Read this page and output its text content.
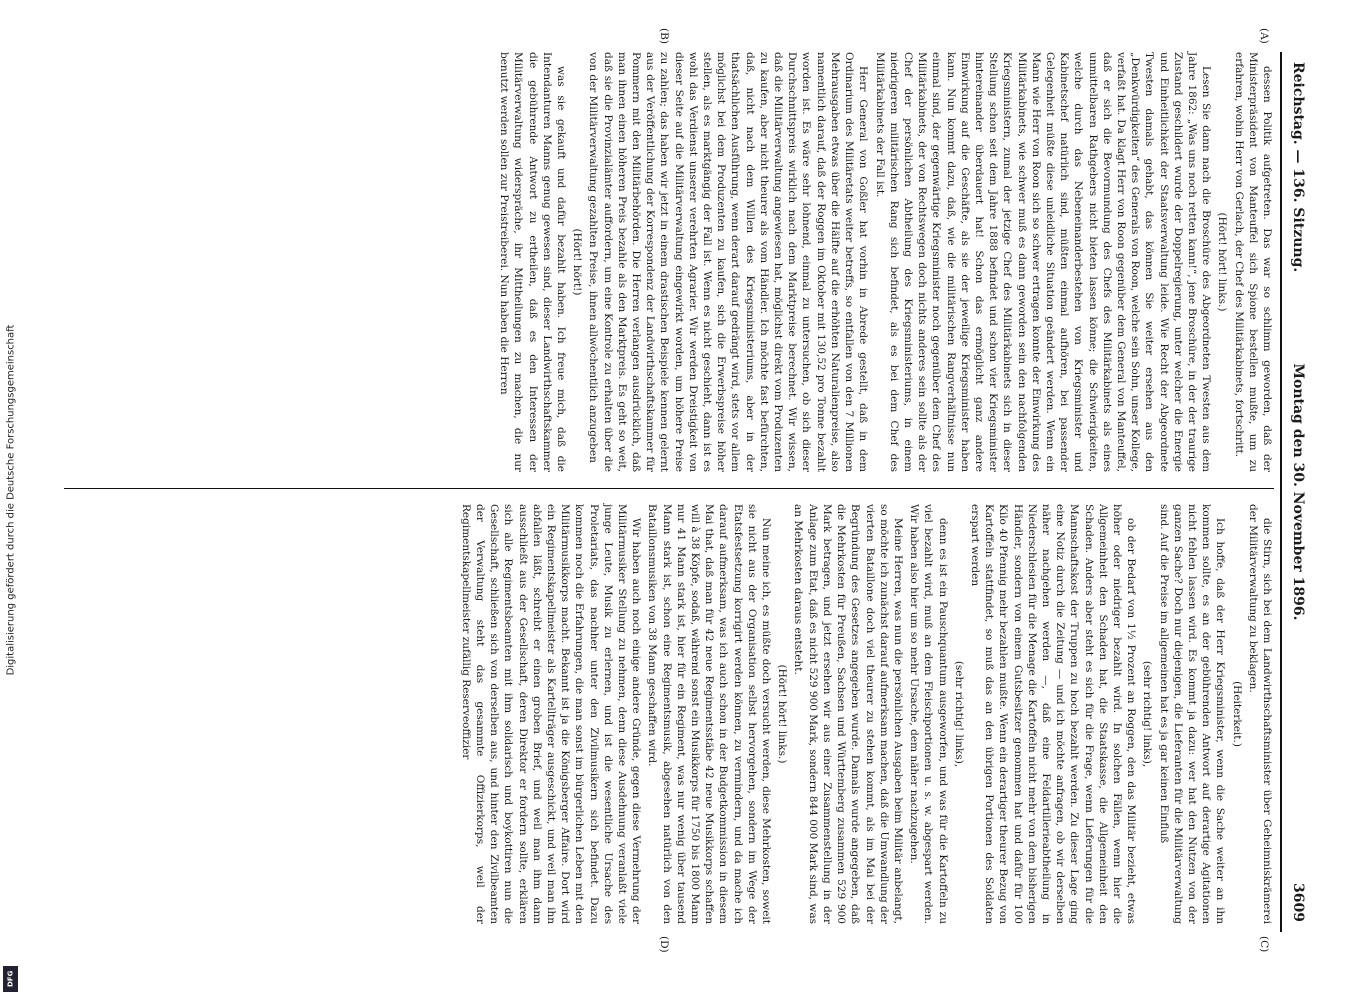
Digitalisierung gefördert durch die Deutsche Forschungsgemeinschaft
DFG
Reichstag. — 136. Sitzung.
Montag den 30. November 1896.
3609

dessen Politik aufgetreten. Das war so schlimm geworden, daß der Ministerpräsident von Manteuffel sich Spione bestellen mußte, um zu erfahren, wohin Herr von Gerlach, der Chef des Militärkabinets, fortschritt.

(Hört! hört! links.)

Lesen Sie dann nach die Broschüre des Abgeordneten Twesten aus dem Jahre 1862: „Was uns noch retten kann!“, jene Broschüre, in der der traurige Zustand geschildert wurde der Doppelregierung, unter welcher die Energie und Einheitlichkeit der Staatsverwaltung leide. Wie Recht der Abgeordnete Twesten damals gehabt, das können Sie weiter ersehen aus den „Denkwürdigkeiten“ des Generals von Roon, welche sein Sohn, unser Kollege, verfaßt hat. Da klagt Herr von Roon gegenüber dem General von Manteuffel, daß er sich die Bevormundung des Chefs des Militärkabinets als eines unmittelbaren Rathgebers nicht bieten lassen könne; die Schwierigkeiten, welche durch das Nebeneinanderbestehen von Kriegsminister und Kabinetschef natürlich sind, müßten einmal aufhören, bei passender Gelegenheit müßte diese unleidliche Situation geändert werden. Wenn ein Mann wie Herr von Roon sich so schwer ertragen konnte der Einwirkung des Militärkabinets, wie schwer muß es dann geworden sein den nachfolgenden Kriegsministern, zumal der jetzige Chef des Militärkabinets sich in dieser Stellung schon seit dem Jahre 1888 befindet und schon vier Kriegsminister hintereinander überdauert hat! Schon das ermöglicht ganz andere Einwirkung auf die Geschäfte, als sie der jeweilige Kriegsminister haben kann. Nun kommt dazu, daß, wie die militärischen Rangverhältnisse nun einmal sind, der gegenwärtige Kriegsminister noch gegenüber dem Chef des Militärkabinets, der von Rechtswegen doch nichts anderes sein sollte als der Chef der persönlichen Abtheilung des Kriegsministeriums, in einem niedrigeren militärischen Rang sich befindet, als es bei dem Chef des Militärkabinets der Fall ist.

Herr General von Goßler hat vorhin in Abrede gestellt, daß in dem Ordinarium des Militäretats weiter betreffs, so entfallen von den 7 Millionen Mehrausgaben etwas über die Hälfte auf die erhöhten Naturalienpreise, also namentlich darauf, daß der Roggen im Oktober mit 130,52 pro Tonne bezahlt worden ist. Es wäre sehr lohnend, einmal zu untersuchen, ob sich dieser Durchschnittspreis wirklich nach dem Marktpreise berechnet. Wir wissen, daß die Militärverwaltung angewiesen hat, möglichst direkt vom Produzenten zu kaufen, aber nicht theurer als vom Händler. Ich möchte fast befürchten, daß, nicht nach dem Willen des Kriegsministeriums, aber in der thatsächlichen Ausführung, wenn derart darauf gedrängt wird, stets vor allem möglichst bei dem Produzenten zu kaufen, sich die Erwerbspreise höher stellen, als es marktgängig der Fall ist. Wenn es nicht geschieht, dann ist es wohl das Verdienst unserer verehrten Agrarier. Wir werden Dreistigkeit von dieser Seite auf die Militärverwaltung eingewirkt worden, um höhere Preise zu zahlen; das haben wir jetzt in einem drastischen Beispiele kennen gelernt aus der Veröffentlichung der Korrespondenz der Landwirthschaftskammer für Pommern mit den Militärbehörden. Die Herren verlangen ausdrücklich, daß man ihnen einen höheren Preis bezahle als den Marktpreis. Es geht so weit, daß sie die Provinzialämter auffordern, um eine Kontrole zu erhalten über die von der Militärverwaltung gezahlten Preise, ihnen allwöchentlich anzugeben

(Hört! hört!)

was sie gekauft und dafür bezahlt haben. Ich freue mich, daß die Intendanturen Manns genug gewesen sind, dieser Landwirthschaftskammer die gebührende Antwort zu ertheilen, daß es den Interessen der Militärverwaltung widerspräche, ihr Mittheilungen zu machen, die nur benutzt werden sollen zur Preistreiberei. Nun haben die Herren

die Stirn, sich bei dem Landwirthschaftsminister über Geheimniskrämerei der Militärverwaltung zu beklagen.

(Heiterkeit.)

Ich hoffe, daß der Herr Kriegsminister, wenn die Sache weiter an ihn kommen sollte, es an der gebührenden Antwort auf derartige Agitationen nicht fehlen lassen wird. Es kommt ja dazu: wer hat den Nutzen von der ganzen Sache? Doch nur diejenigen, die Lieferanten für die Militärverwaltung sind. Auf die Preise im allgemeinen hat es ja gar keinen Einfluß

(sehr richtig! links),

ob der Bedarf von 1½ Prozent an Roggen, den das Militär bezieht, etwas höher oder niedriger bezahlt wird. In solchen Fällen, wenn hier die Allgemeinheit den Schaden hat, die Staatskasse, die Allgemeinheit den Schaden. Anders aber steht es sich für die Frage, wenn Lieferungen für die Mannschaftskost der Truppen zu hoch bezahlt werden. Zu dieser Lage ging eine Notiz durch die Zeitung — und ich möchte anfragen, ob wir derselben näher nachgehen werden —, daß eine Feldartillerieabtheilung in Niederschlesien für die Menage die Kartoffeln nicht mehr von dem bisherigen Händler, sondern von einem Gutsbesitzer genommen hat und dafür für 100 Kilo 40 Pfennig mehr bezahlen mußte. Wenn ein derartiger theurer Bezug von Kartoffeln stattfindet, so muß das an den übrigen Portionen des Soldaten erspart werden

(sehr richtig! links),

denn es ist ein Pauschquantum ausgeworfen, und was für die Kartoffeln zu viel bezahlt wird, muß an dem Fleischportionen u. s. w. abgespart werden. Wir haben also hier um so mehr Ursache, dem näher nachzugehen.

Meine Herren, was nun die persönlichen Ausgaben beim Militär anbelangt, so möchte ich zunächst darauf aufmerksam machen, daß die Umwandlung der vierten Bataillone doch viel theurer zu stehen kommt, als im Mai bei der Begründung des Gesetzes angegeben wurde. Damals wurde angegeben, daß die Mehrkosten für Preußen, Sachsen und Württemberg zusammen 529 900 Mark betragen, und jetzt ersehen wir aus einer Zusammenstellung in der Anlage zum Etat, daß es nicht 529 900 Mark, sondern 844 000 Mark sind, was an Mehrkosten daraus entsteht.

(Hört! hört! links.)

Nun meine ich, es müßte doch versucht werden, diese Mehrkosten, soweit sie nicht aus der Organisation selbst hervorgehen, sondern im Wege der Etatsfestsetzung korrigirt werden können, zu vermindern, und da mache ich darauf aufmerksam, was ich auch schon in der Budgetkommission in diesem Mai that, daß man für 42 neue Regimentsstäbe 42 neue Musikkorps schaffen will à 38 Köpfe, sodaß, während sonst ein Musikkorps für 1750 bis 1800 Mann nur 41 Mann stark ist, hier für ein Regiment, was nur wenig über tausend Mann stark ist, schon eine Regimentsmusik, abgesehen natürlich von den Bataillonsmusiken von 38 Mann geschaffen wird.

Wir haben auch noch einige andere Gründe, gegen diese Vermehrung der Militärmusiker Stellung zu nehmen, denn diese Ausdehnung veranlaßt viele junge Leute, Musik zu erlernen, und ist die wesentliche Ursache des Proletariats, das nachher unter den Zivilmusikern sich befindet. Dazu kommen noch die Erfahrungen, die man sonst im bürgerlichen Leben mit den Militärmusikkorps macht. Bekannt ist ja die Königsberger Affaire. Dort wird ein Regimentskapellmeister als Kartellträger ausgeschickt, und weil man ihn abfallen läßt, schreibt er einen groben Brief, und weil man ihm dann ausschließt aus der Gesellschaft, deren Direktor er fordern sollte, erklären sich alle Regimentsbeamten mit ihm solidarisch und boykottiren nun die Gesellschaft, schließen sich von derselben aus, und hinter den Zivilbeamten der Verwaltung steht das gesammte Offizierkorps, weil der Regimentskapellmeister zufällig Reserveoffizier

(A)
(B)
(C)
(D)
